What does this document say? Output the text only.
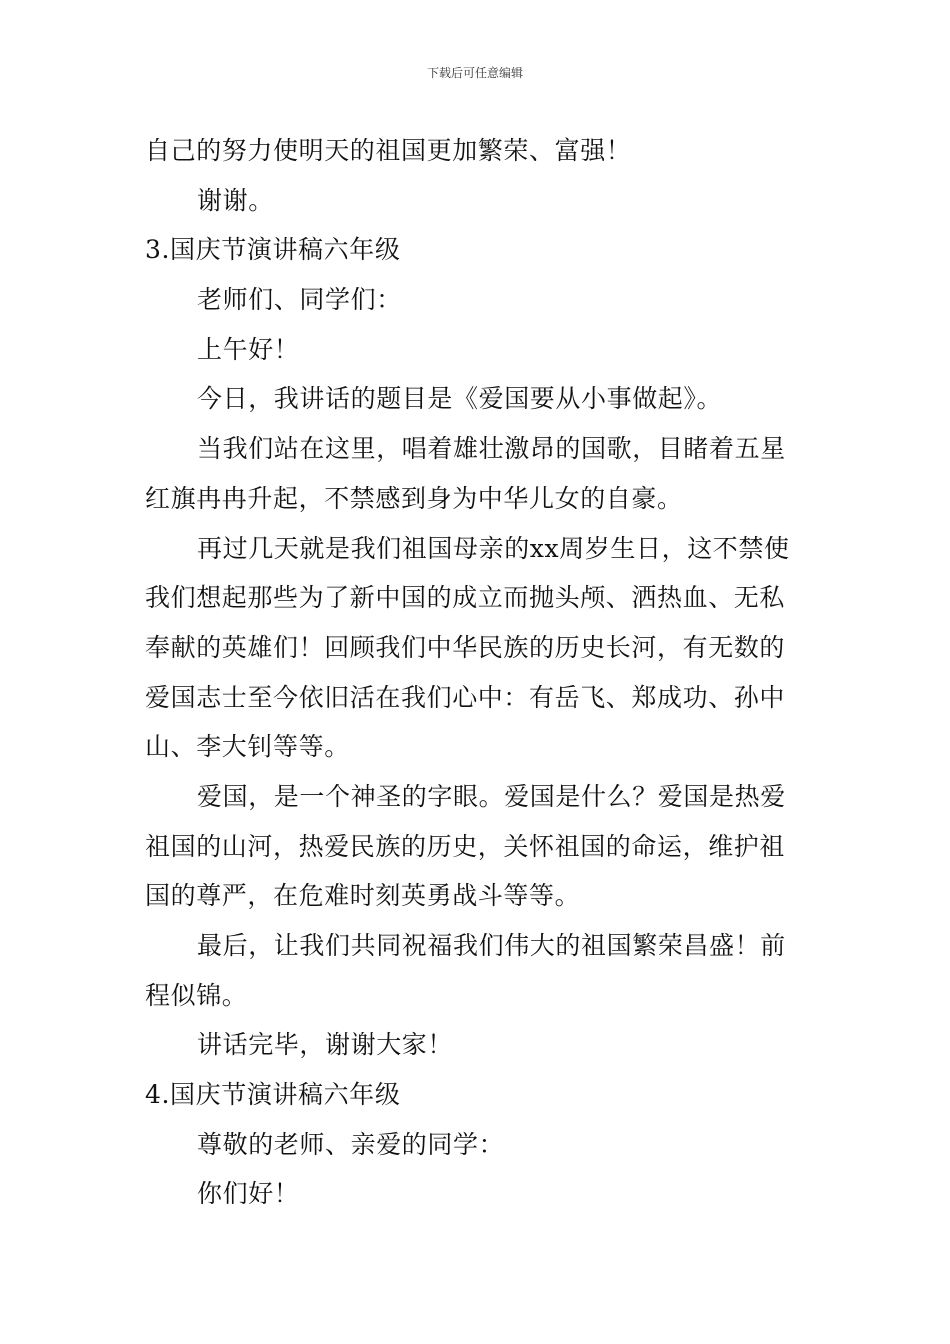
下载后可任意编辑
自己的努力使明天的祖国更加繁荣、富强！
谢谢。
3.国庆节演讲稿六年级
老师们、同学们：
上午好！
今日，我讲话的题目是《爱国要从小事做起》。
当我们站在这里，唱着雄壮激昂的国歌，目睹着五星
红旗冉冉升起，不禁感到身为中华儿女的自豪。
再过几天就是我们祖国母亲的xx周岁生日，这不禁使
我们想起那些为了新中国的成立而抛头颅、洒热血、无私
奉献的英雄们！回顾我们中华民族的历史长河，有无数的
爱国志士至今依旧活在我们心中：有岳飞、郑成功、孙中
山、李大钊等等。
爱国，是一个神圣的字眼。爱国是什么？爱国是热爱
祖国的山河，热爱民族的历史，关怀祖国的命运，维护祖
国的尊严，在危难时刻英勇战斗等等。
最后，让我们共同祝福我们伟大的祖国繁荣昌盛！前
程似锦。
讲话完毕，谢谢大家！
4.国庆节演讲稿六年级
尊敬的老师、亲爱的同学：
你们好！
